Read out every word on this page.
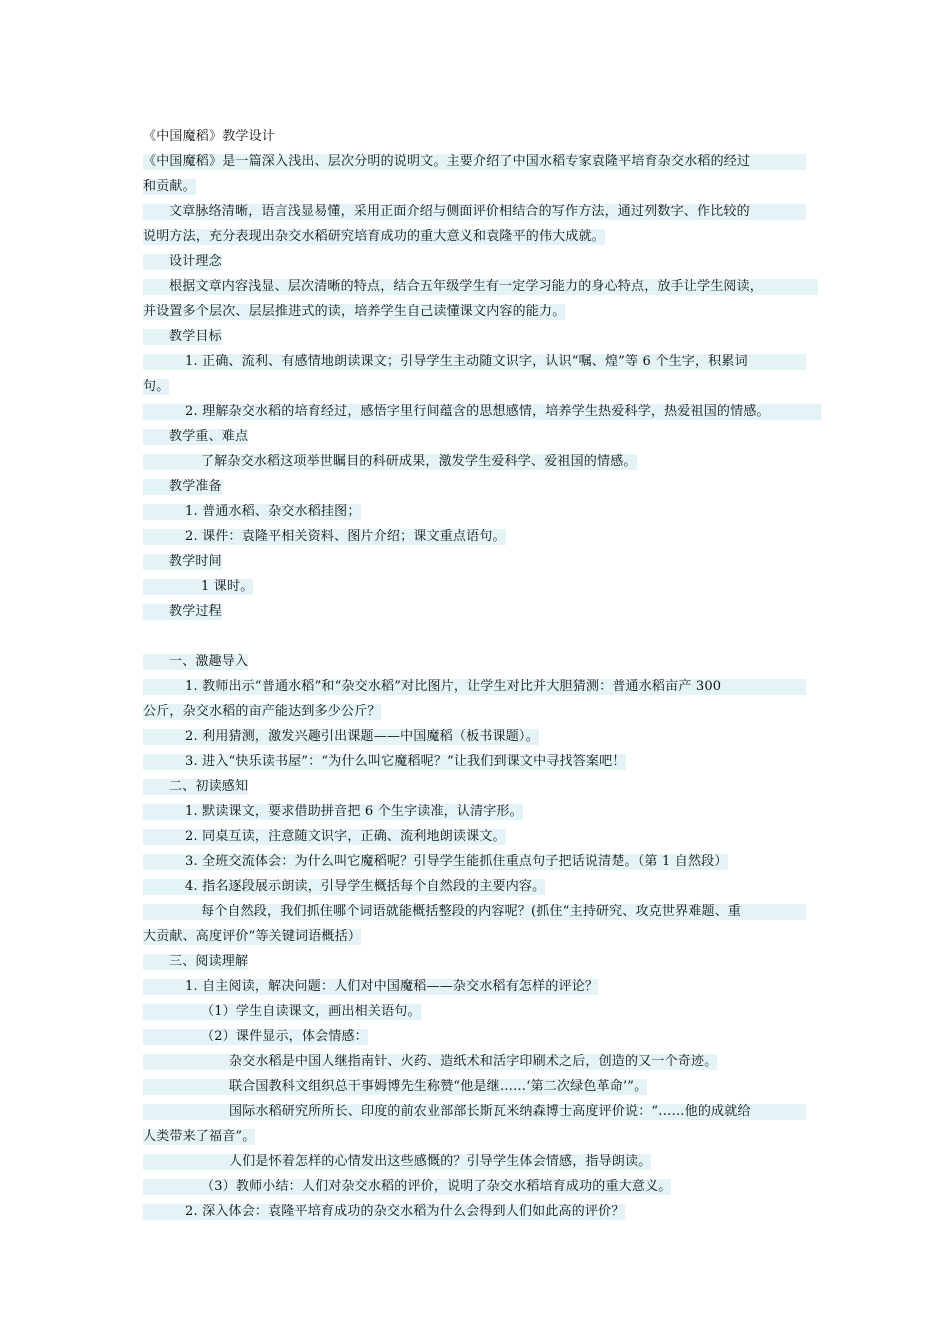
《中国魔稻》教学设计
《中国魔稻》是一篇深入浅出、层次分明的说明文。主要介绍了中国水稻专家袁隆平培育杂交水稻的经过
和贡献。
文章脉络清晰，语言浅显易懂，采用正面介绍与侧面评价相结合的写作方法，通过列数字、作比较的
说明方法，充分表现出杂交水稻研究培育成功的重大意义和袁隆平的伟大成就。
设计理念
根据文章内容浅显、层次清晰的特点，结合五年级学生有一定学习能力的身心特点，放手让学生阅读，
并设置多个层次、层层推进式的读，培养学生自己读懂课文内容的能力。
教学目标
1. 正确、流利、有感情地朗读课文；引导学生主动随文识字，认识“嘱、煌”等 6 个生字，积累词
句。
2. 理解杂交水稻的培育经过，感悟字里行间蕴含的思想感情，培养学生热爱科学，热爱祖国的情感。
教学重、难点
了解杂交水稻这项举世瞩目的科研成果，激发学生爱科学、爱祖国的情感。
教学准备
1. 普通水稻、杂交水稻挂图；
2. 课件：袁隆平相关资料、图片介绍；课文重点语句。
教学时间
1 课时。
教学过程
一、激趣导入
1. 教师出示“普通水稻”和“杂交水稻”对比图片，让学生对比并大胆猜测：普通水稻亩产 300
公斤，杂交水稻的亩产能达到多少公斤？
2. 利用猜测，激发兴趣引出课题——中国魔稻（板书课题）。
3. 进入“快乐读书屋”：“为什么叫它魔稻呢？”让我们到课文中寻找答案吧！
二、初读感知
1. 默读课文，要求借助拼音把 6 个生字读准，认清字形。
2. 同桌互读，注意随文识字，正确、流利地朗读课文。
3. 全班交流体会：为什么叫它魔稻呢？引导学生能抓住重点句子把话说清楚。（第 1 自然段）
4. 指名逐段展示朗读，引导学生概括每个自然段的主要内容。
每个自然段，我们抓住哪个词语就能概括整段的内容呢？(抓住“主持研究、攻克世界难题、重
大贡献、高度评价”等关键词语概括）
三、阅读理解
1. 自主阅读，解决问题：人们对中国魔稻——杂交水稻有怎样的评论？
（1）学生自读课文，画出相关语句。
（2）课件显示，体会情感：
杂交水稻是中国人继指南针、火药、造纸术和活字印刷术之后，创造的又一个奇迹。
联合国教科文组织总干事姆博先生称赞“他是继……‘第二次绿色革命’”。
国际水稻研究所所长、印度的前农业部部长斯瓦米纳森博士高度评价说：“……他的成就给
人类带来了福音”。
人们是怀着怎样的心情发出这些感慨的？引导学生体会情感，指导朗读。
（3）教师小结：人们对杂交水稻的评价，说明了杂交水稻培育成功的重大意义。
2. 深入体会：袁隆平培育成功的杂交水稻为什么会得到人们如此高的评价？
